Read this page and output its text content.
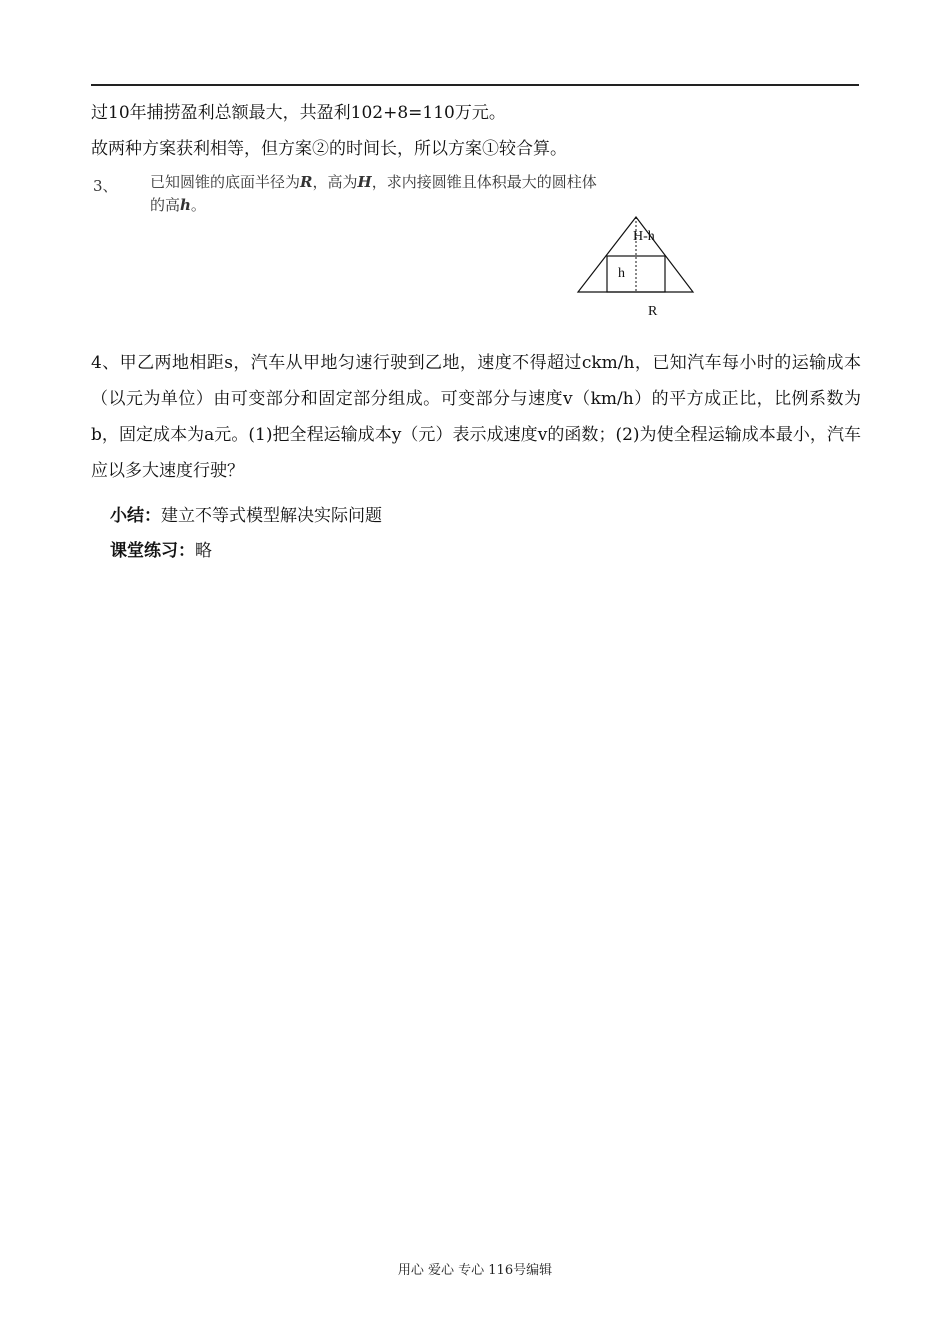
过10年捕捞盈利总额最大，共盈利102+8=110万元。
故两种方案获利相等，但方案②的时间长，所以方案①较合算。
3、 已知圆锥的底面半径为R，高为H，求内接圆锥且体积最大的圆柱体
的高h。
H-h
h
R
4、甲乙两地相距s，汽车从甲地匀速行驶到乙地，速度不得超过ckm/h，已知汽车每小时的运输成本（以元为单位）由可变部分和固定部分组成。可变部分与速度v（km/h）的平方成正比，比例系数为b，固定成本为a元。(1)把全程运输成本y（元）表示成速度v的函数；(2)为使全程运输成本最小，汽车应以多大速度行驶？
小结：建立不等式模型解决实际问题
课堂练习：略
用心 爱心 专心 116号编辑
